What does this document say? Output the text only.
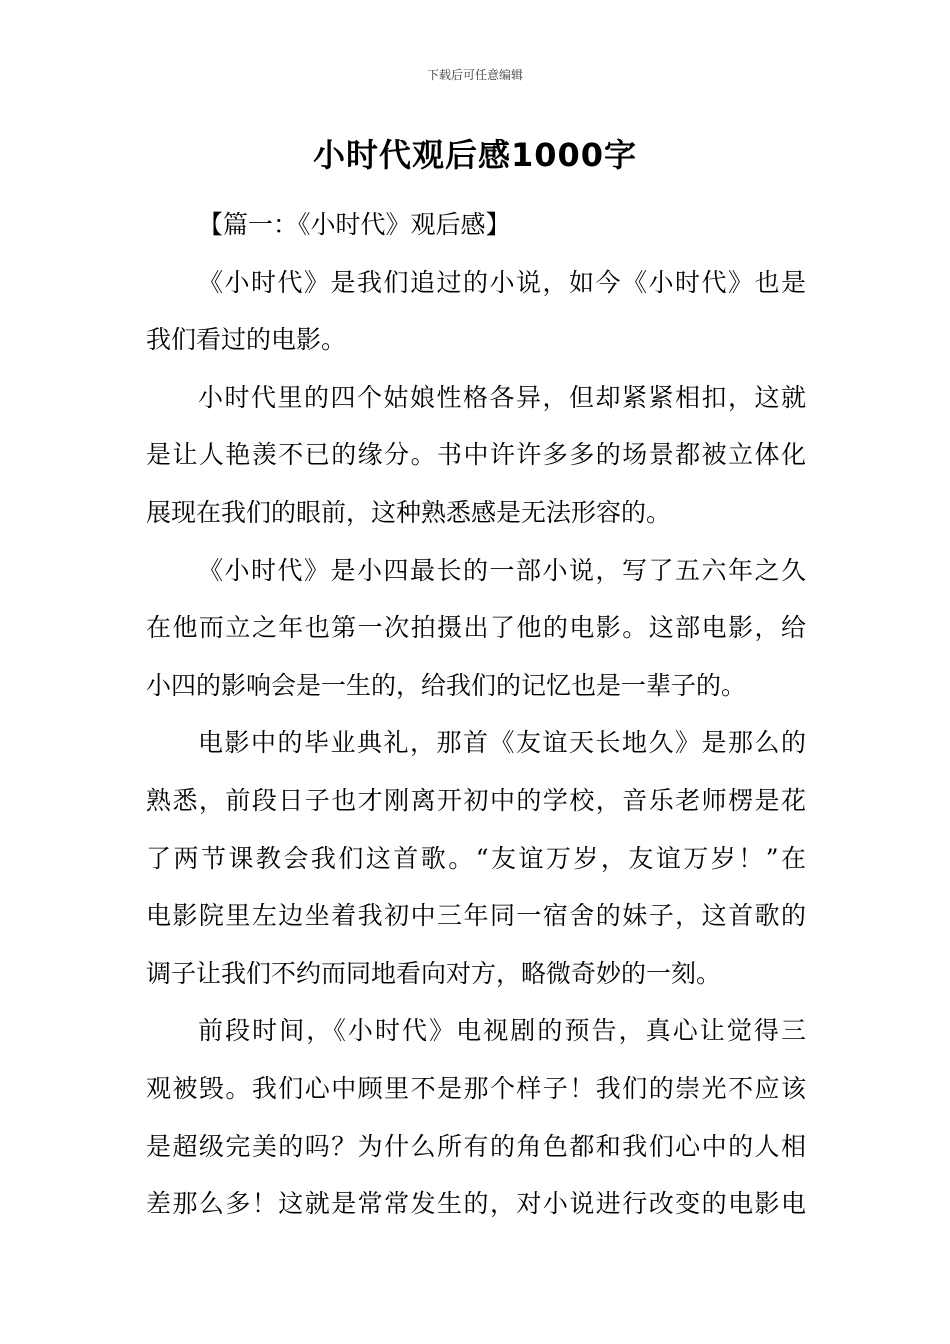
下载后可任意编辑
小时代观后感1000字
【篇一：《小时代》观后感】
《小时代》是我们追过的小说，如今《小时代》也是
我们看过的电影。
小时代里的四个姑娘性格各异，但却紧紧相扣，这就
是让人艳羡不已的缘分。书中许许多多的场景都被立体化
展现在我们的眼前，这种熟悉感是无法形容的。
《小时代》是小四最长的一部小说，写了五六年之久
在他而立之年也第一次拍摄出了他的电影。这部电影，给
小四的影响会是一生的，给我们的记忆也是一辈子的。
电影中的毕业典礼，那首《友谊天长地久》是那么的
熟悉，前段日子也才刚离开初中的学校，音乐老师楞是花
了两节课教会我们这首歌。“友谊万岁，友谊万岁！”在
电影院里左边坐着我初中三年同一宿舍的妹子，这首歌的
调子让我们不约而同地看向对方，略微奇妙的一刻。
前段时间，《小时代》电视剧的预告，真心让觉得三
观被毁。我们心中顾里不是那个样子！我们的崇光不应该
是超级完美的吗？为什么所有的角色都和我们心中的人相
差那么多！这就是常常发生的，对小说进行改变的电影电
